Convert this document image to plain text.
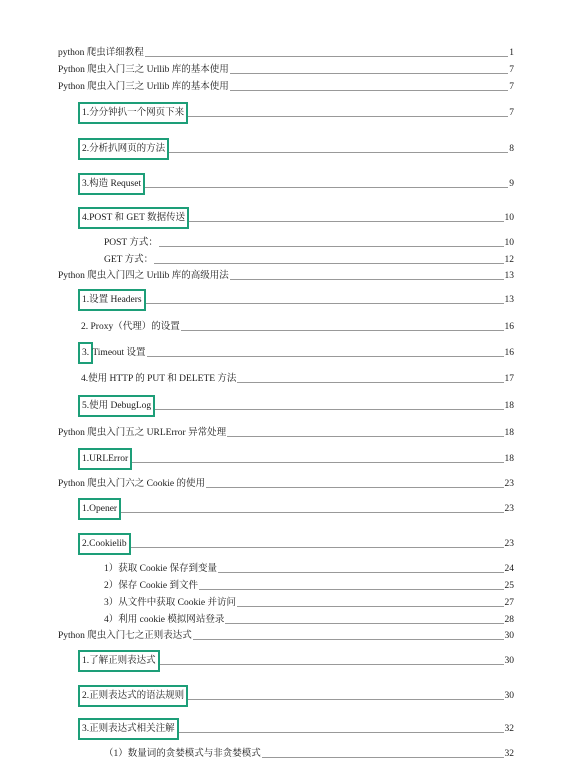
python 爬虫详细教程	1
Python 爬虫入门三之 Urllib 库的基本使用	7
Python 爬虫入门三之 Urllib 库的基本使用	7
1.分分钟扒一个网页下来	7
2.分析扒网页的方法	8
3.构造 Requset	9
4.POST 和 GET 数据传送	10
POST 方式：	10
GET 方式：	12
Python 爬虫入门四之 Urllib 库的高级用法	13
1.设置 Headers	13
2. Proxy（代理）的设置	16
3. Timeout 设置	16
4.使用 HTTP 的 PUT 和 DELETE 方法	17
5.使用 DebugLog	18
Python 爬虫入门五之 URLError 异常处理	18
1.URLError	18
Python 爬虫入门六之 Cookie 的使用	23
1.Opener	23
2.Cookielib	23
1）获取 Cookie 保存到变量	24
2）保存 Cookie 到文件	25
3）从文件中获取 Cookie 并访问	27
4）利用 cookie 模拟网站登录	28
Python 爬虫入门七之正则表达式	30
1.了解正则表达式	30
2.正则表达式的语法规则	30
3.正则表达式相关注解	32
（1）数量词的贪婪模式与非贪婪模式	32
